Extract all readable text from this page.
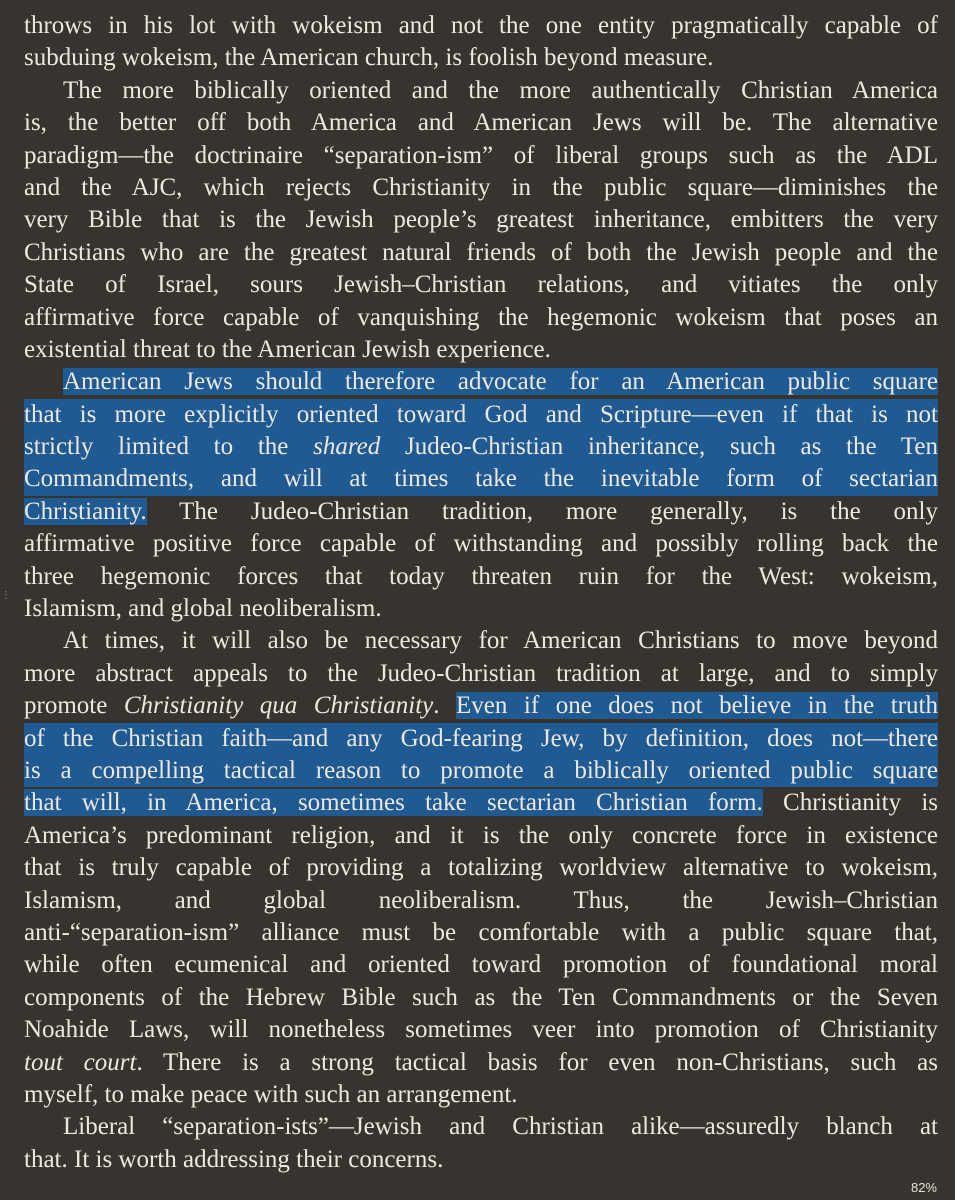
throws in his lot with wokeism and not the one entity pragmatically capable of
subduing wokeism, the American church, is foolish beyond measure.
The more biblically oriented and the more authentically Christian America
is, the better off both America and American Jews will be. The alternative
paradigm—the doctrinaire “separation-ism” of liberal groups such as the ADL
and the AJC, which rejects Christianity in the public square—diminishes the
very Bible that is the Jewish people’s greatest inheritance, embitters the very
Christians who are the greatest natural friends of both the Jewish people and the
State of Israel, sours Jewish–Christian relations, and vitiates the only
affirmative force capable of vanquishing the hegemonic wokeism that poses an
existential threat to the American Jewish experience.
American Jews should therefore advocate for an American public square
that is more explicitly oriented toward God and Scripture—even if that is not
strictly limited to the shared Judeo-Christian inheritance, such as the Ten
Commandments, and will at times take the inevitable form of sectarian
Christianity. The Judeo-Christian tradition, more generally, is the only
affirmative positive force capable of withstanding and possibly rolling back the
three hegemonic forces that today threaten ruin for the West: wokeism,
Islamism, and global neoliberalism.
At times, it will also be necessary for American Christians to move beyond
more abstract appeals to the Judeo-Christian tradition at large, and to simply
promote Christianity qua Christianity. Even if one does not believe in the truth
of the Christian faith—and any God-fearing Jew, by definition, does not—there
is a compelling tactical reason to promote a biblically oriented public square
that will, in America, sometimes take sectarian Christian form. Christianity is
America’s predominant religion, and it is the only concrete force in existence
that is truly capable of providing a totalizing worldview alternative to wokeism,
Islamism, and global neoliberalism. Thus, the Jewish–Christian
anti-“separation-ism” alliance must be comfortable with a public square that,
while often ecumenical and oriented toward promotion of foundational moral
components of the Hebrew Bible such as the Ten Commandments or the Seven
Noahide Laws, will nonetheless sometimes veer into promotion of Christianity
tout court. There is a strong tactical basis for even non-Christians, such as
myself, to make peace with such an arrangement.
Liberal “separation-ists”—Jewish and Christian alike—assuredly blanch at
that. It is worth addressing their concerns.
⋮
82%
